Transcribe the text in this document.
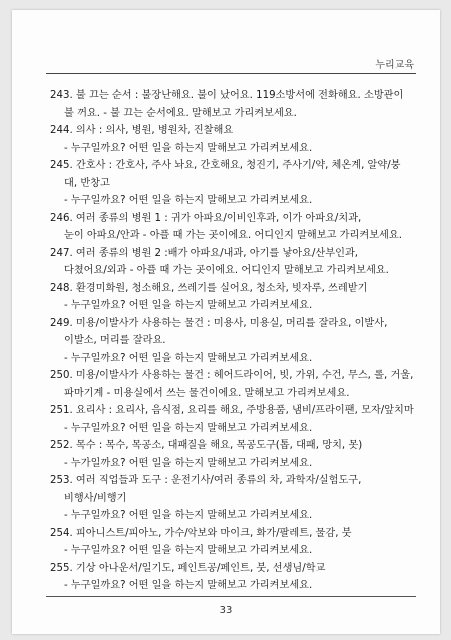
누리교육
243. 불 끄는 순서 : 불장난해요. 불이 났어요. 119소방서에 전화해요. 소방관이
불 꺼요. - 불 끄는 순서에요. 말해보고 가리켜보세요.
244. 의사 : 의사, 병원, 병원차, 진찰해요
- 누구일까요? 어떤 일을 하는지 말해보고 가리켜보세요.
245. 간호사 : 간호사, 주사 놔요, 간호해요, 청진기, 주사기/약, 체온계, 알약/붕
대, 반창고
- 누구일까요? 어떤 일을 하는지 말해보고 가리켜보세요.
246. 여러 종류의 병원 1 : 귀가 아파요/이비인후과, 이가 아파요/치과,
눈이 아파요/안과 - 아플 때 가는 곳이에요. 어디인지 말해보고 가리켜보세요.
247. 여러 종류의 병원 2 :배가 아파요/내과, 아기를 낳아요/산부인과,
다쳤어요/외과 - 아플 때 가는 곳이에요. 어디인지 말해보고 가리켜보세요.
248. 환경미화원, 청소해요, 쓰레기를 실어요, 청소차, 빗자루, 쓰레받기
- 누구일까요? 어떤 일을 하는지 말해보고 가리켜보세요.
249. 미용/이발사가 사용하는 물건 : 미용사, 미용실, 머리를 잘라요, 이발사,
이발소, 머리를 잘라요.
- 누구일까요? 어떤 일을 하는지 말해보고 가리켜보세요.
250. 미용/이발사가 사용하는 물건 : 헤어드라이어, 빗, 가위, 수건, 무스, 롤, 거울,
파마기계 - 미용실에서 쓰는 물건이에요. 말해보고 가리켜보세요.
251. 요리사 : 요리사, 음식점, 요리를 해요, 주방용품, 냄비/프라이팬, 모자/앞치마
- 누구일까요? 어떤 일을 하는지 말해보고 가리켜보세요.
252. 목수 : 목수, 목공소, 대패질을 해요, 목공도구(톱, 대패, 망치, 못)
- 누가일까요? 어떤 일을 하는지 말해보고 가리켜보세요.
253. 여러 직업들과 도구 : 운전기사/여러 종류의 차, 과학자/실험도구,
비행사/비행기
- 누구일까요? 어떤 일을 하는지 말해보고 가리켜보세요.
254. 피아니스트/피아노, 가수/악보와 마이크, 화가/팔레트, 물감, 붓
- 누구일까요? 어떤 일을 하는지 말해보고 가리켜보세요.
255. 기상 아나운서/일기도, 페인트공/페인트, 붓, 선생님/학교
- 누구일까요? 어떤 일을 하는지 말해보고 가리켜보세요.
33
